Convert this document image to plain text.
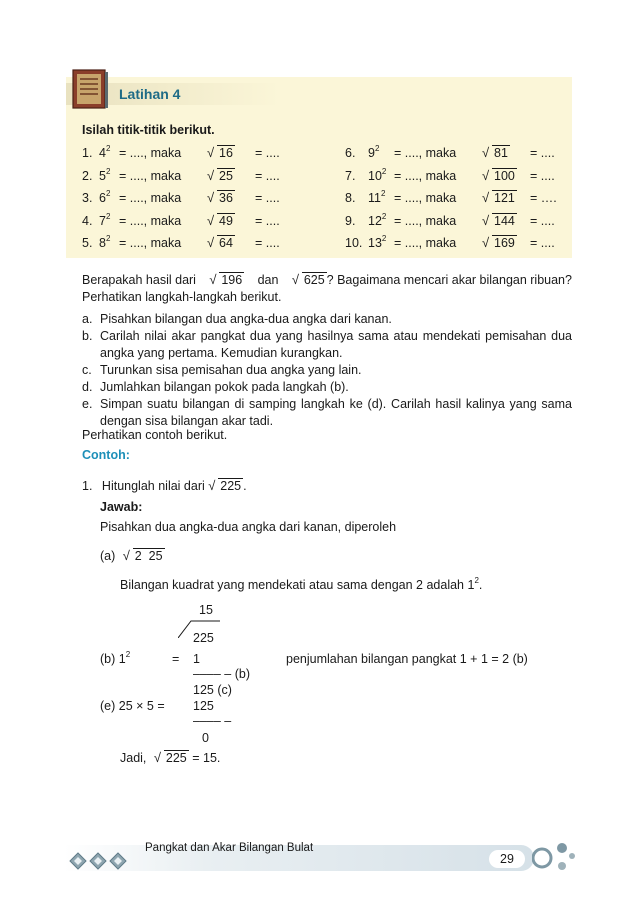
Latihan 4
Isilah titik-titik berikut.
1. $4^2$ = ...., maka	√ 16 = ....
2. $5^2$ = ...., maka	√ 25 = ....
3. $6^2$ = ...., maka	√ 36 = ....
4. $7^2$ = ...., maka	√ 49 = ....
5. $8^2$ = ...., maka	√ 64 = ....
6. $9^2$ = ...., maka	√ 81 = ....
7. $10^2$ = ...., maka	√ 100 = ....
8. $11^2$ = ...., maka	√ 121 = ….
9. $12^2$ = ...., maka	√ 144 = ....
10. $13^2$ = ...., maka	√ 169 = ....
Berapakah hasil dari	√ 196 dan	√ 625 ? Bagaimana mencari akar bilangan ribuan?
Perhatikan langkah-langkah berikut.
a. Pisahkan bilangan dua angka-dua angka dari kanan.
b. Carilah nilai akar pangkat dua yang hasilnya sama atau mendekati pemisahan dua angka yang pertama. Kemudian kurangkan.
c. Turunkan sisa pemisahan dua angka yang lain.
d. Jumlahkan bilangan pokok pada langkah (b).
e. Simpan suatu bilangan di samping langkah ke (d). Carilah hasil kalinya yang sama dengan sisa bilangan akar tadi.
Perhatikan contoh berikut.
Contoh:
1. Hitunglah nilai dari √ 225 .
Jawab:
Pisahkan dua angka-dua angka dari kanan, diperoleh
(a) √ 2  25
Bilangan kuadrat yang mendekati atau sama dengan 2 adalah $1^2$.
15
225
(b) $1^2$	= 1	penjumlahan bilangan pangkat 1 + 1 = 2 (b)
–––– – (b)
125 (c)
(e) 25 × 5 = 125
–––– –
0
Jadi, √ 225 = 15.
Pangkat dan Akar Bilangan Bulat
29
